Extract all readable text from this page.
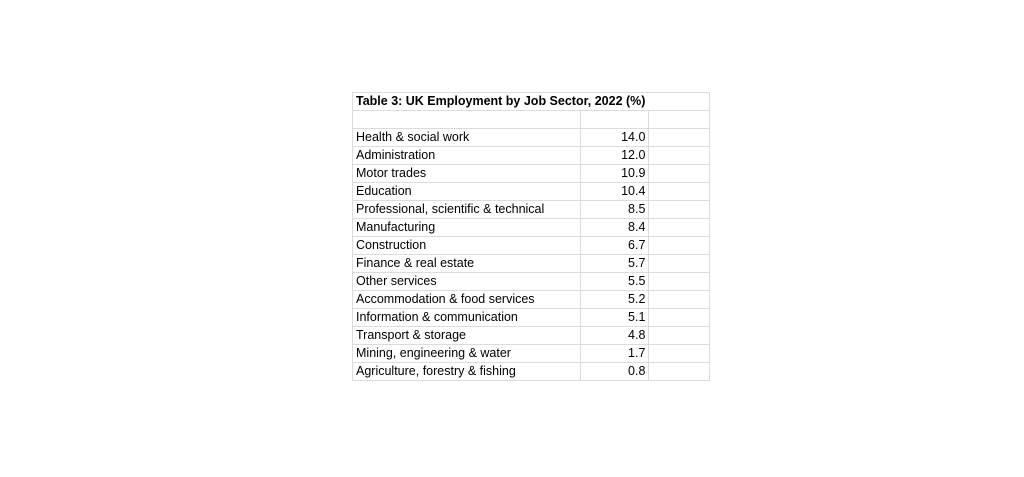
Table 3: UK Employment by Job Sector, 2022 (%)		

Health & social work	14.0	
Administration	12.0	
Motor trades	10.9	
Education	10.4	
Professional, scientific & technical	8.5	
Manufacturing	8.4	
Construction	6.7	
Finance & real estate	5.7	
Other services	5.5	
Accommodation & food services	5.2	
Information & communication	5.1	
Transport & storage	4.8	
Mining, engineering & water	1.7	
Agriculture, forestry & fishing	0.8	
